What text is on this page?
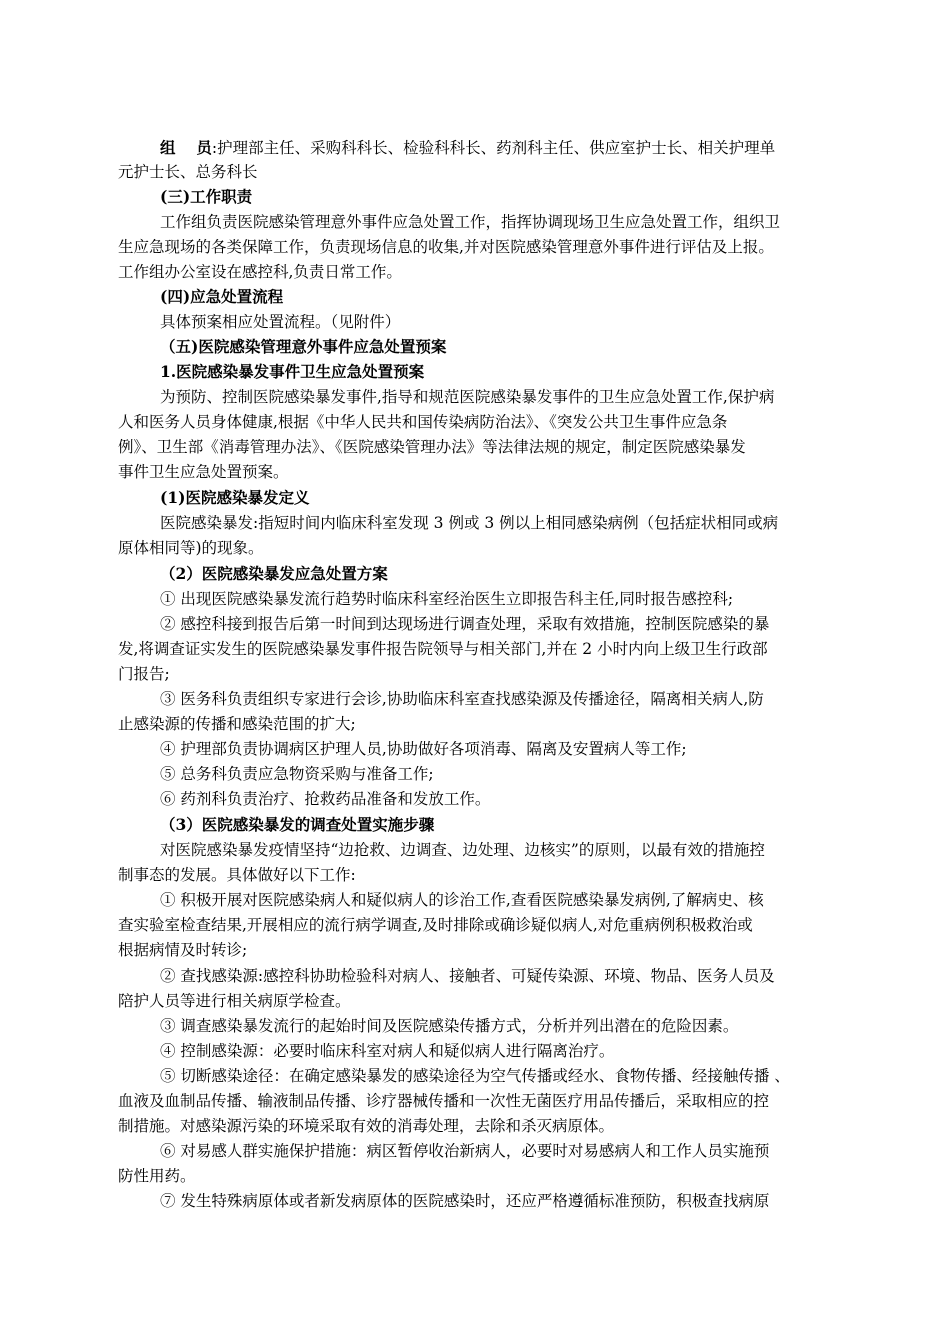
组　 员:护理部主任、采购科科长、检验科科长、药剂科主任、供应室护士长、相关护理单
元护士长、总务科长
(三)工作职责
工作组负责医院感染管理意外事件应急处置工作，指挥协调现场卫生应急处置工作，组织卫
生应急现场的各类保障工作，负责现场信息的收集,并对医院感染管理意外事件进行评估及上报。
工作组办公室设在感控科,负责日常工作。
(四)应急处置流程
具体预案相应处置流程。（见附件）
（五)医院感染管理意外事件应急处置预案
1.医院感染暴发事件卫生应急处置预案
为预防、控制医院感染暴发事件,指导和规范医院感染暴发事件的卫生应急处置工作,保护病
人和医务人员身体健康,根据《中华人民共和国传染病防治法》、《突发公共卫生事件应急条
例》、卫生部《消毒管理办法》、《医院感染管理办法》等法律法规的规定，制定医院感染暴发
事件卫生应急处置预案。
(1)医院感染暴发定义
医院感染暴发:指短时间内临床科室发现 3 例或 3 例以上相同感染病例（包括症状相同或病
原体相同等)的现象。
（2）医院感染暴发应急处置方案
① 出现医院感染暴发流行趋势时临床科室经治医生立即报告科主任,同时报告感控科;
② 感控科接到报告后第一时间到达现场进行调查处理，采取有效措施，控制医院感染的暴
发,将调查证实发生的医院感染暴发事件报告院领导与相关部门,并在 2 小时内向上级卫生行政部
门报告;
③ 医务科负责组织专家进行会诊,协助临床科室查找感染源及传播途径，隔离相关病人,防
止感染源的传播和感染范围的扩大;
④ 护理部负责协调病区护理人员,协助做好各项消毒、隔离及安置病人等工作;
⑤ 总务科负责应急物资采购与准备工作;
⑥ 药剂科负责治疗、抢救药品准备和发放工作。
（3）医院感染暴发的调查处置实施步骤
对医院感染暴发疫情坚持“边抢救、边调查、边处理、边核实”的原则，以最有效的措施控
制事态的发展。具体做好以下工作:
① 积极开展对医院感染病人和疑似病人的诊治工作,查看医院感染暴发病例,了解病史、核
查实验室检查结果,开展相应的流行病学调查,及时排除或确诊疑似病人,对危重病例积极救治或
根据病情及时转诊;
② 查找感染源:感控科协助检验科对病人、接触者、可疑传染源、环境、物品、医务人员及
陪护人员等进行相关病原学检查。
③ 调查感染暴发流行的起始时间及医院感染传播方式，分析并列出潜在的危险因素。
④ 控制感染源：必要时临床科室对病人和疑似病人进行隔离治疗。
⑤ 切断感染途径：在确定感染暴发的感染途径为空气传播或经水、食物传播、经接触传播 、
血液及血制品传播、输液制品传播、诊疗器械传播和一次性无菌医疗用品传播后，采取相应的控
制措施。对感染源污染的环境采取有效的消毒处理，去除和杀灭病原体。
⑥ 对易感人群实施保护措施：病区暂停收治新病人，必要时对易感病人和工作人员实施预
防性用药。
⑦ 发生特殊病原体或者新发病原体的医院感染时，还应严格遵循标准预防，积极查找病原
